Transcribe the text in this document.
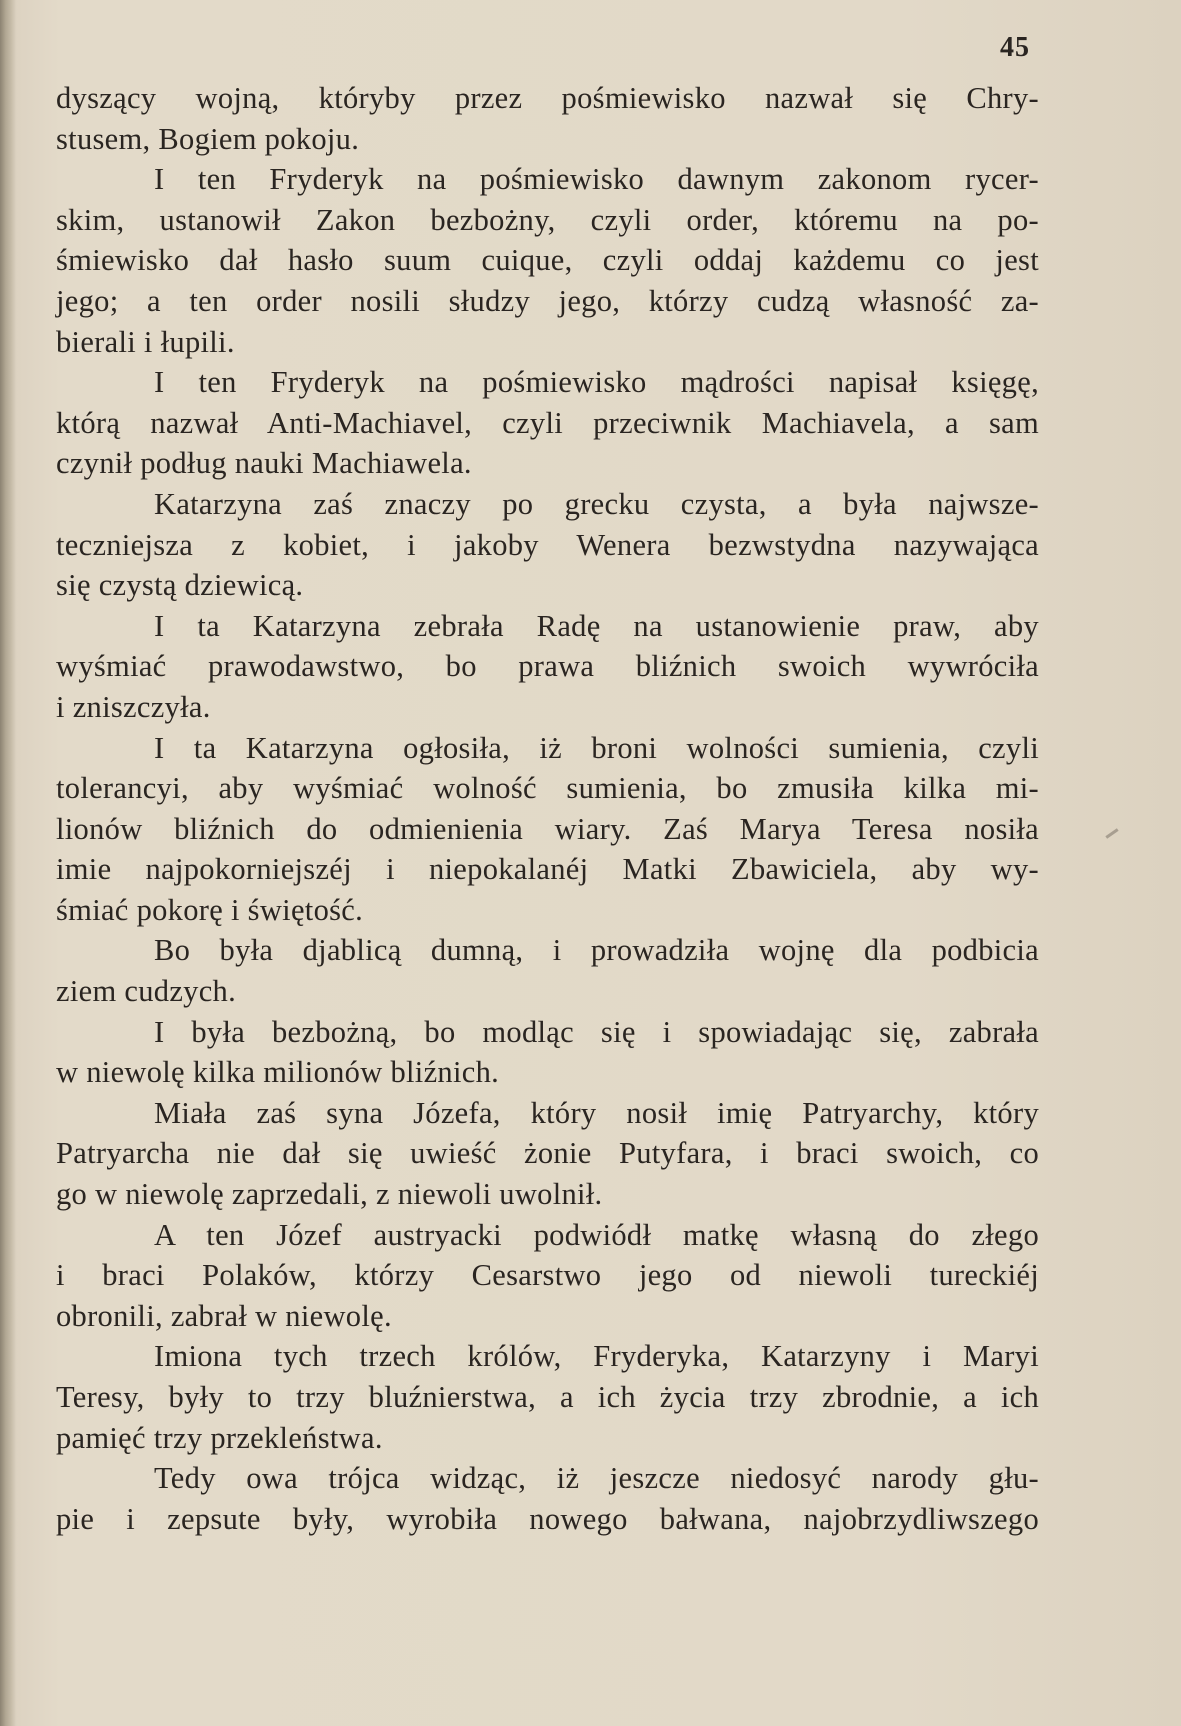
45
dyszący wojną, któryby przez pośmiewisko nazwał się Chry-
stusem, Bogiem pokoju.
I ten Fryderyk na pośmiewisko dawnym zakonom rycer-
skim, ustanowił Zakon bezbożny, czyli order, któremu na po-
śmiewisko dał hasło suum cuique, czyli oddaj każdemu co jest
jego; a ten order nosili słudzy jego, którzy cudzą własność za-
bierali i łupili.
I ten Fryderyk na pośmiewisko mądrości napisał księgę,
którą nazwał Anti-Machiavel, czyli przeciwnik Machiavela, a sam
czynił podług nauki Machiawela.
Katarzyna zaś znaczy po grecku czysta, a była najwsze-
teczniejsza z kobiet, i jakoby Wenera bezwstydna nazywająca
się czystą dziewicą.
I ta Katarzyna zebrała Radę na ustanowienie praw, aby
wyśmiać prawodawstwo, bo prawa bliźnich swoich wywróciła
i zniszczyła.
I ta Katarzyna ogłosiła, iż broni wolności sumienia, czyli
tolerancyi, aby wyśmiać wolność sumienia, bo zmusiła kilka mi-
lionów bliźnich do odmienienia wiary. Zaś Marya Teresa nosiła
imie najpokorniejszéj i niepokalanéj Matki Zbawiciela, aby wy-
śmiać pokorę i świętość.
Bo była djablicą dumną, i prowadziła wojnę dla podbicia
ziem cudzych.
I była bezbożną, bo modląc się i spowiadając się, zabrała
w niewolę kilka milionów bliźnich.
Miała zaś syna Józefa, który nosił imię Patryarchy, który
Patryarcha nie dał się uwieść żonie Putyfara, i braci swoich, co
go w niewolę zaprzedali, z niewoli uwolnił.
A ten Józef austryacki podwiódł matkę własną do złego
i braci Polaków, którzy Cesarstwo jego od niewoli tureckiéj
obronili, zabrał w niewolę.
Imiona tych trzech królów, Fryderyka, Katarzyny i Maryi
Teresy, były to trzy bluźnierstwa, a ich życia trzy zbrodnie, a ich
pamięć trzy przekleństwa.
Tedy owa trójca widząc, iż jeszcze niedosyć narody głu-
pie i zepsute były, wyrobiła nowego bałwana, najobrzydliwszego
